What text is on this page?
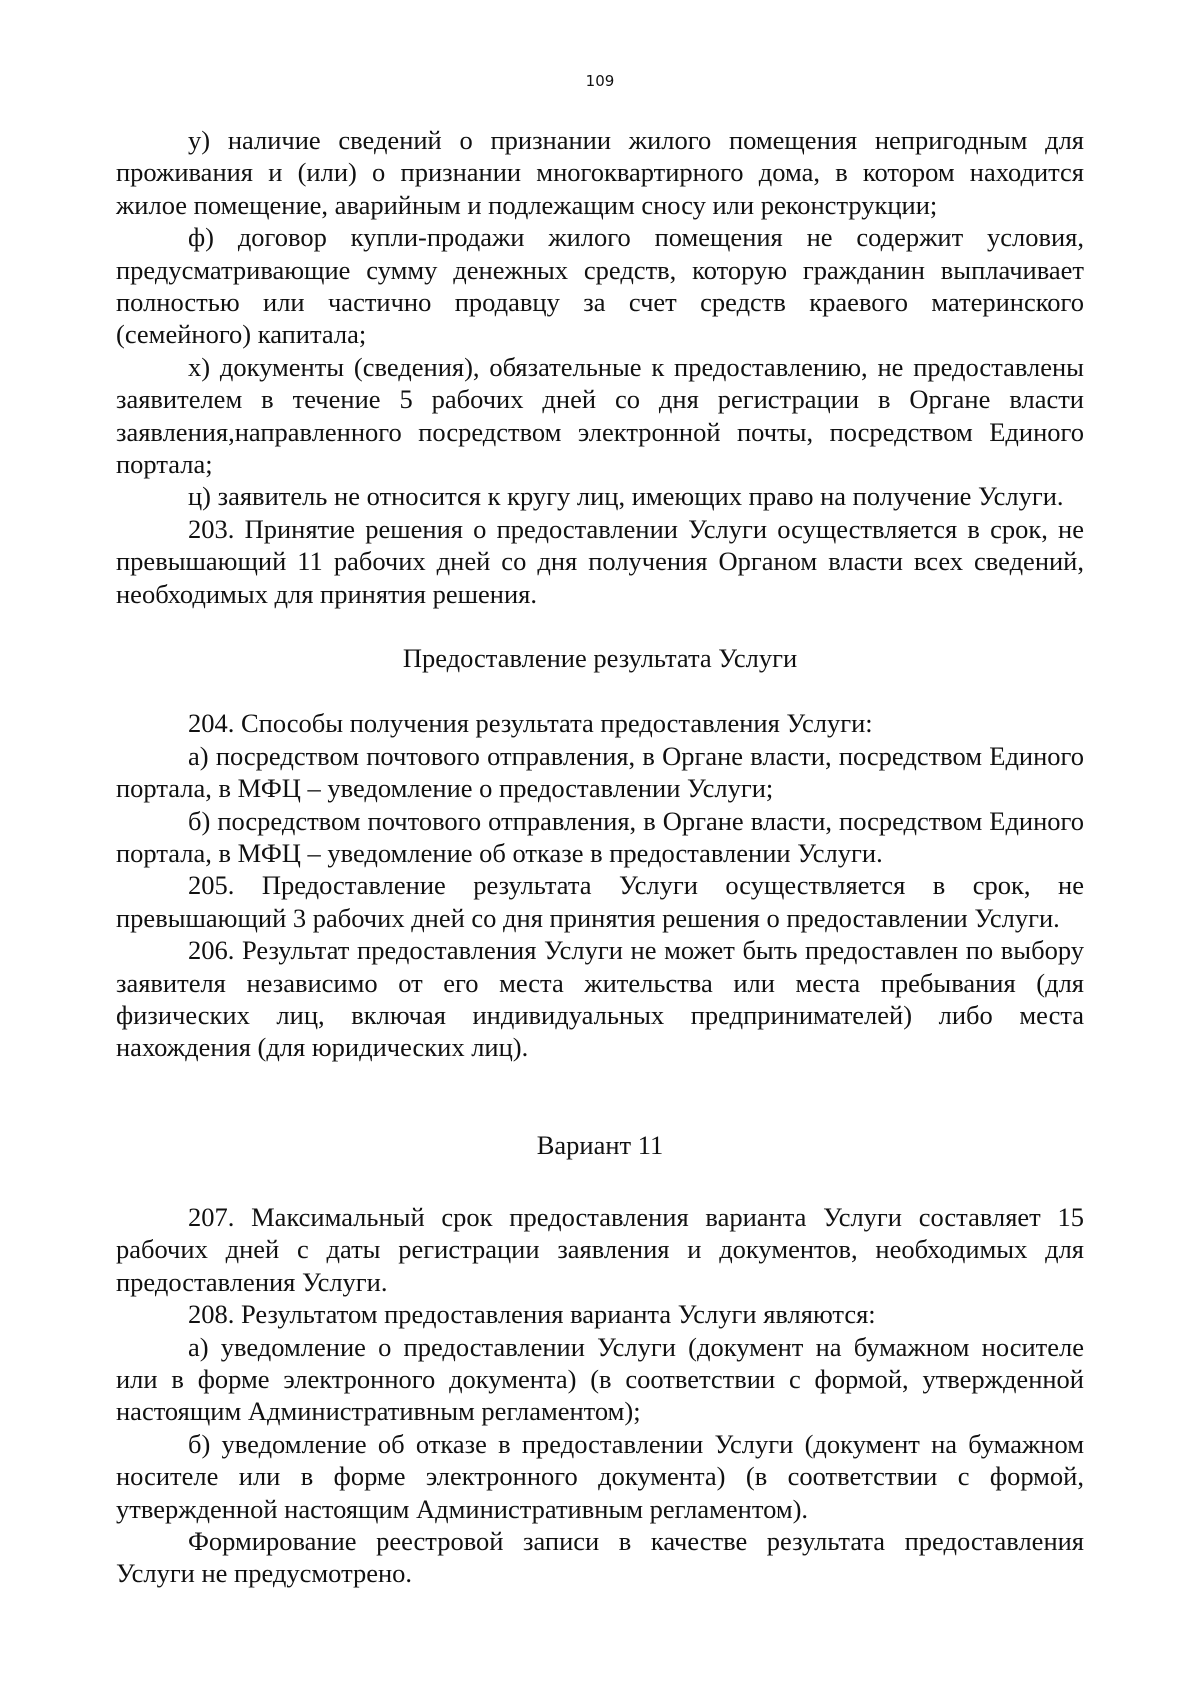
109

у) наличие сведений о признании жилого помещения непригодным для проживания и (или) о признании многоквартирного дома, в котором находится жилое помещение, аварийным и подлежащим сносу или реконструкции;

ф) договор купли-продажи жилого помещения не содержит условия, предусматривающие сумму денежных средств, которую гражданин выплачивает полностью или частично продавцу за счет средств краевого материнского (семейного) капитала;

х) документы (сведения), обязательные к предоставлению, не предоставлены заявителем в течение 5 рабочих дней со дня регистрации в Органе власти заявления,направленного посредством электронной почты, посредством Единого портала;

ц) заявитель не относится к кругу лиц, имеющих право на получение Услуги.

203. Принятие решения о предоставлении Услуги осуществляется в срок, не превышающий 11 рабочих дней со дня получения Органом власти всех сведений, необходимых для принятия решения.

Предоставление результата Услуги

204. Способы получения результата предоставления Услуги:

а) посредством почтового отправления, в Органе власти, посредством Единого портала, в МФЦ – уведомление о предоставлении Услуги;

б) посредством почтового отправления, в Органе власти, посредством Единого портала, в МФЦ – уведомление об отказе в предоставлении Услуги.

205. Предоставление результата Услуги осуществляется в срок, не превышающий 3 рабочих дней со дня принятия решения о предоставлении Услуги.

206. Результат предоставления Услуги не может быть предоставлен по выбору заявителя независимо от его места жительства или места пребывания (для физических лиц, включая индивидуальных предпринимателей) либо места нахождения (для юридических лиц).

Вариант 11

207. Максимальный срок предоставления варианта Услуги составляет 15 рабочих дней с даты регистрации заявления и документов, необходимых для предоставления Услуги.

208. Результатом предоставления варианта Услуги являются:

а) уведомление о предоставлении Услуги (документ на бумажном носителе или в форме электронного документа) (в соответствии с формой, утвержденной настоящим Административным регламентом);

б) уведомление об отказе в предоставлении Услуги (документ на бумажном носителе или в форме электронного документа) (в соответствии с формой, утвержденной настоящим Административным регламентом).

Формирование реестровой записи в качестве результата предоставления Услуги не предусмотрено.
